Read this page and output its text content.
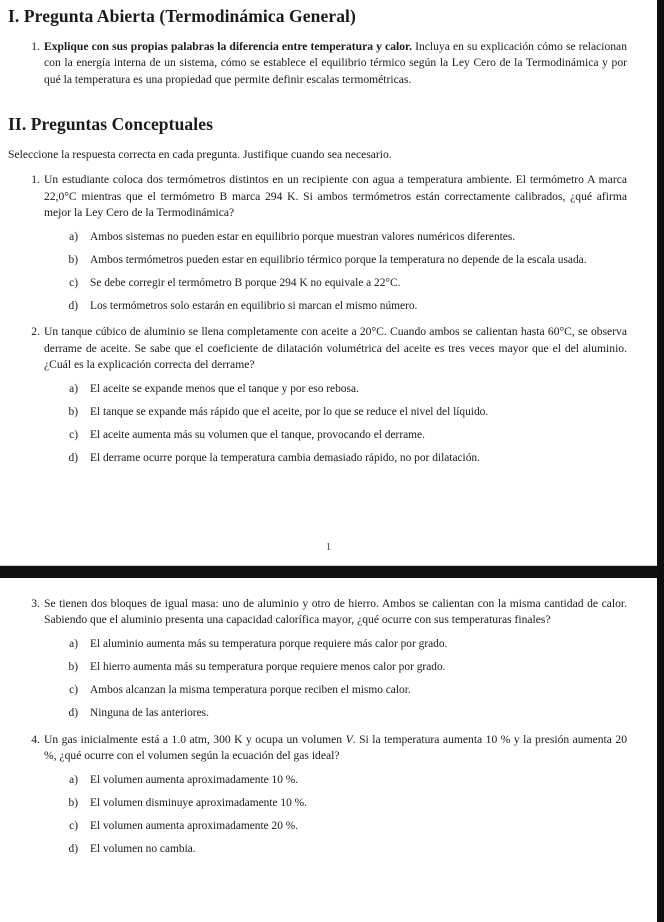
I. Pregunta Abierta (Termodinámica General)
1. Explique con sus propias palabras la diferencia entre temperatura y calor. Incluya en su explicación cómo se relacionan con la energía interna de un sistema, cómo se establece el equilibrio térmico según la Ley Cero de la Termodinámica y por qué la temperatura es una propiedad que permite definir escalas termométricas.

II. Preguntas Conceptuales

Seleccione la respuesta correcta en cada pregunta. Justifique cuando sea necesario.

1. Un estudiante coloca dos termómetros distintos en un recipiente con agua a temperatura ambiente. El termómetro A marca 22,0°C mientras que el termómetro B marca 294 K. Si ambos termómetros están correctamente calibrados, ¿qué afirma mejor la Ley Cero de la Termodinámica?

a) Ambos sistemas no pueden estar en equilibrio porque muestran valores numéricos diferentes.

b) Ambos termómetros pueden estar en equilibrio térmico porque la temperatura no depende de la escala usada.

c) Se debe corregir el termómetro B porque 294 K no equivale a 22°C.

d) Los termómetros solo estarán en equilibrio si marcan el mismo número.

2. Un tanque cúbico de aluminio se llena completamente con aceite a 20°C. Cuando ambos se calientan hasta 60°C, se observa derrame de aceite. Se sabe que el coeficiente de dilatación volumétrica del aceite es tres veces mayor que el del aluminio. ¿Cuál es la explicación correcta del derrame?

a) El aceite se expande menos que el tanque y por eso rebosa.

b) El tanque se expande más rápido que el aceite, por lo que se reduce el nivel del líquido.

c) El aceite aumenta más su volumen que el tanque, provocando el derrame.

d) El derrame ocurre porque la temperatura cambia demasiado rápido, no por dilatación.

1
3. Se tienen dos bloques de igual masa: uno de aluminio y otro de hierro. Ambos se calientan con la misma cantidad de calor. Sabiendo que el aluminio presenta una capacidad calorífica mayor, ¿qué ocurre con sus temperaturas finales?

a) El aluminio aumenta más su temperatura porque requiere más calor por grado.

b) El hierro aumenta más su temperatura porque requiere menos calor por grado.

c) Ambos alcanzan la misma temperatura porque reciben el mismo calor.

d) Ninguna de las anteriores.

4. Un gas inicialmente está a 1.0 atm, 300 K y ocupa un volumen V. Si la temperatura aumenta 10 % y la presión aumenta 20 %, ¿qué ocurre con el volumen según la ecuación del gas ideal?

a) El volumen aumenta aproximadamente 10 %.

b) El volumen disminuye aproximadamente 10 %.

c) El volumen aumenta aproximadamente 20 %.

d) El volumen no cambia.
